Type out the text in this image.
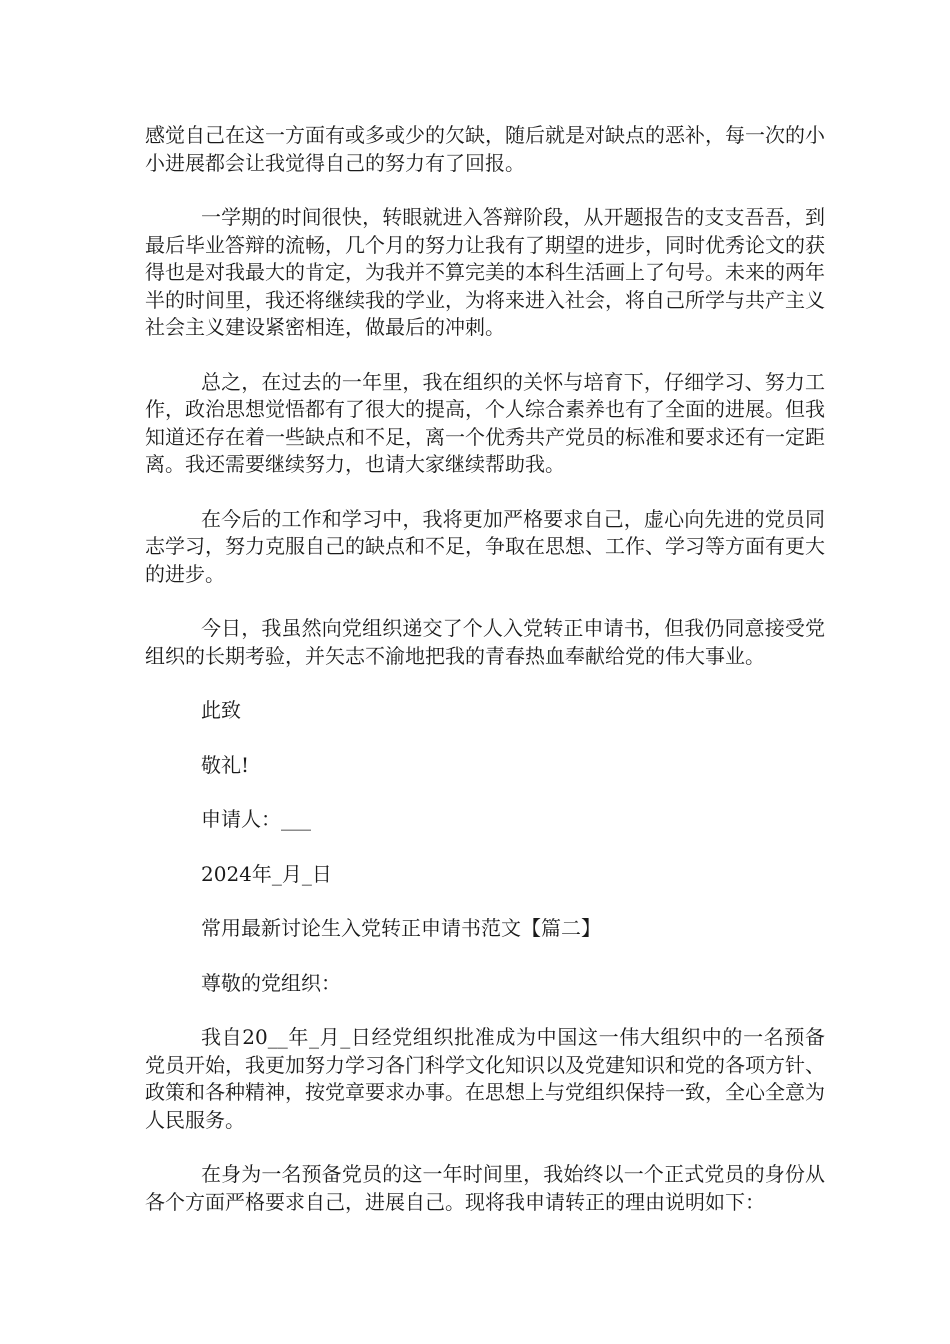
感觉自己在这一方面有或多或少的欠缺，随后就是对缺点的恶补，每一次的小小进展都会让我觉得自己的努力有了回报。

一学期的时间很快，转眼就进入答辩阶段，从开题报告的支支吾吾，到最后毕业答辩的流畅，几个月的努力让我有了期望的进步，同时优秀论文的获得也是对我最大的肯定，为我并不算完美的本科生活画上了句号。未来的两年半的时间里，我还将继续我的学业，为将来进入社会，将自己所学与共产主义社会主义建设紧密相连，做最后的冲刺。

总之，在过去的一年里，我在组织的关怀与培育下，仔细学习、努力工作，政治思想觉悟都有了很大的提高，个人综合素养也有了全面的进展。但我知道还存在着一些缺点和不足，离一个优秀共产党员的标准和要求还有一定距离。我还需要继续努力，也请大家继续帮助我。

在今后的工作和学习中，我将更加严格要求自己，虚心向先进的党员同志学习，努力克服自己的缺点和不足，争取在思想、工作、学习等方面有更大的进步。

今日，我虽然向党组织递交了个人入党转正申请书，但我仍同意接受党组织的长期考验，并矢志不渝地把我的青春热血奉献给党的伟大事业。

此致
敬礼!
申请人：___
2024年_月_日
常用最新讨论生入党转正申请书范文【篇二】
尊敬的党组织：

我自20__年_月_日经党组织批准成为中国这一伟大组织中的一名预备党员开始，我更加努力学习各门科学文化知识以及党建知识和党的各项方针、政策和各种精神，按党章要求办事。在思想上与党组织保持一致，全心全意为人民服务。

在身为一名预备党员的这一年时间里，我始终以一个正式党员的身份从各个方面严格要求自己，进展自己。现将我申请转正的理由说明如下：
